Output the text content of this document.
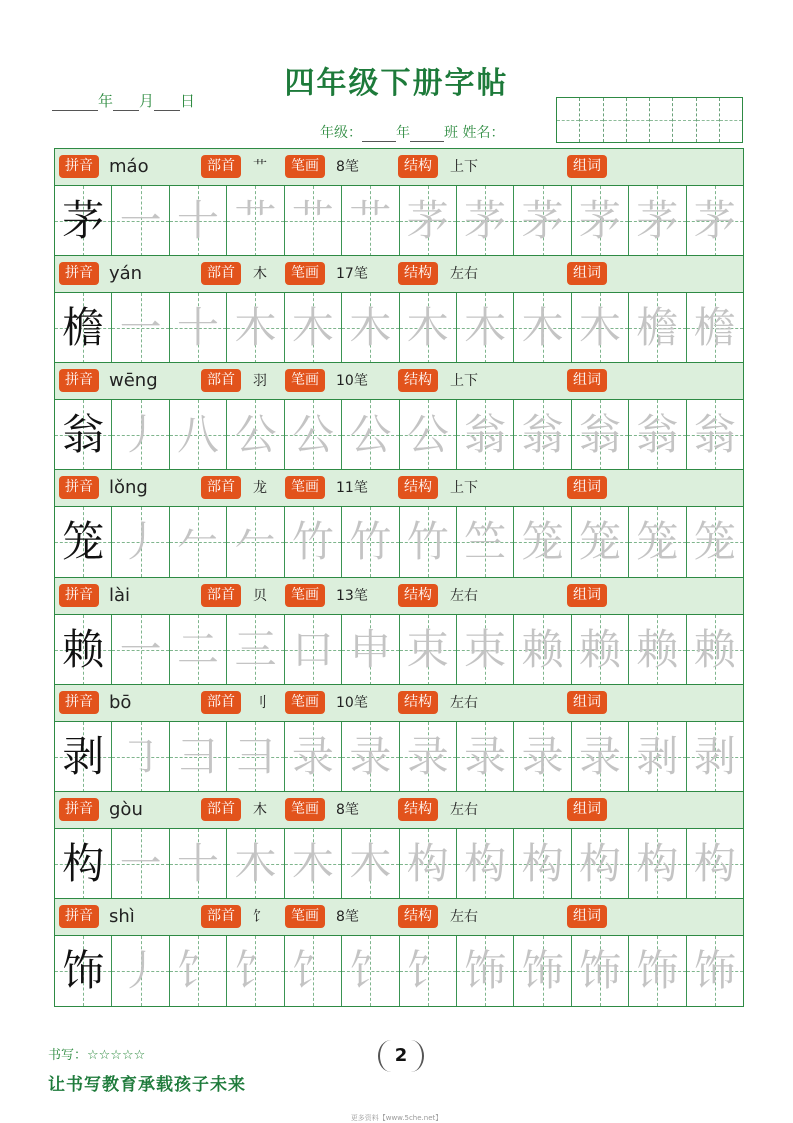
四年级下册字帖
年 月 日
年级： 年 班 姓名：
拼音 máo	部首	艹	笔画	8笔	结构	上下	组词
茅 一 十 艹 艹 艹 茅 茅 茅 茅 茅 茅
拼音 yán	部首	木	笔画	17笔	结构	左右	组词
檐 一 十 木 木 木 木 木 木 木 檐 檐
拼音 wēng	部首	羽	笔画	10笔	结构	上下	组词
翁 丿 八 公 公 公 公 翁 翁 翁 翁 翁
拼音 lǒng	部首	龙	笔画	11笔	结构	上下	组词
笼 丿 𠂉 𠂉 竹 竹 竹 竺 笼 笼 笼 笼
拼音 lài	部首	贝	笔画	13笔	结构	左右	组词
赖 一 二 三 口 申 束 束 赖 赖 赖 赖
拼音 bō	部首	刂	笔画	10笔	结构	左右	组词
剥 ㇆ 彐 彐 录 录 录 录 录 录 剥 剥
拼音 gòu	部首	木	笔画	8笔	结构	左右	组词
构 一 十 木 木 木 构 构 构 构 构 构
拼音 shì	部首	饣	笔画	8笔	结构	左右	组词
饰 丿 饣 饣 饣 饣 饣 饰 饰 饰 饰 饰
书写：☆☆☆☆☆	2
让书写教育承载孩子未来
更多资料【www.5che.net】
